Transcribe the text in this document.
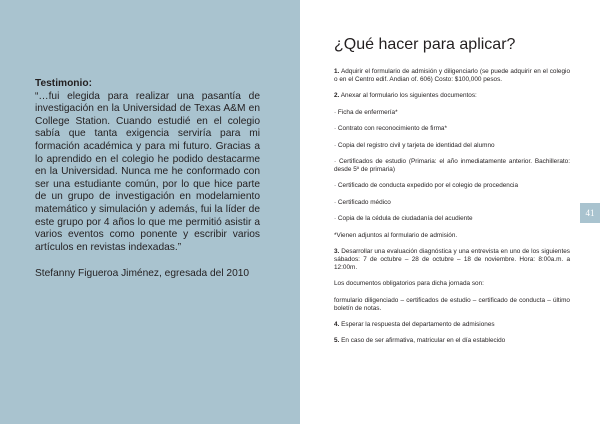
Testimonio:
“…fui elegida para realizar una pasantía de investigación en la Universidad de Texas A&M en College Station. Cuando estudié en el colegio sabía que tanta exigencia serviría para mi formación académica y para mi futuro. Gracias a lo aprendido en el colegio he podido destacarme en la Universidad. Nunca me he conformado con ser una estudiante común, por lo que hice parte de un grupo de investigación en modelamiento matemático y simulación y además, fui la líder de este grupo por 4 años lo que me permitió asistir a varios eventos como ponente y escribir varios artículos en revistas indexadas.”
Stefanny Figueroa Jiménez, egresada del 2010
¿Qué hacer para aplicar?

1. Adquirir el formulario de admisión y diligenciarlo (se puede adquirir en el colegio o en el Centro edif. Andian of. 606) Costo: $100,000 pesos.

2. Anexar al formulario los siguientes documentos:

· Ficha de enfermería*

· Contrato con reconocimiento de firma*

· Copia del registro civil y tarjeta de identidad del alumno

· Certificados de estudio (Primaria: el año inmediatamente anterior. Bachillerato: desde 5º de primaria)

· Certificado de conducta expedido por el colegio de procedencia

· Certificado médico

· Copia de la cédula de ciudadanía del acudiente

*Vienen adjuntos al formulario de admisión.

3. Desarrollar una evaluación diagnóstica y una entrevista en uno de los siguientes sábados: 7 de octubre – 28 de octubre – 18 de noviembre. Hora: 8:00a.m. a 12:00m.

Los documentos obligatorios para dicha jornada son:

formulario diligenciado – certificados de estudio – certificado de conducta – último boletín de notas.

4. Esperar la respuesta del departamento de admisiones

5. En caso de ser afirmativa, matricular en el día establecido

41
